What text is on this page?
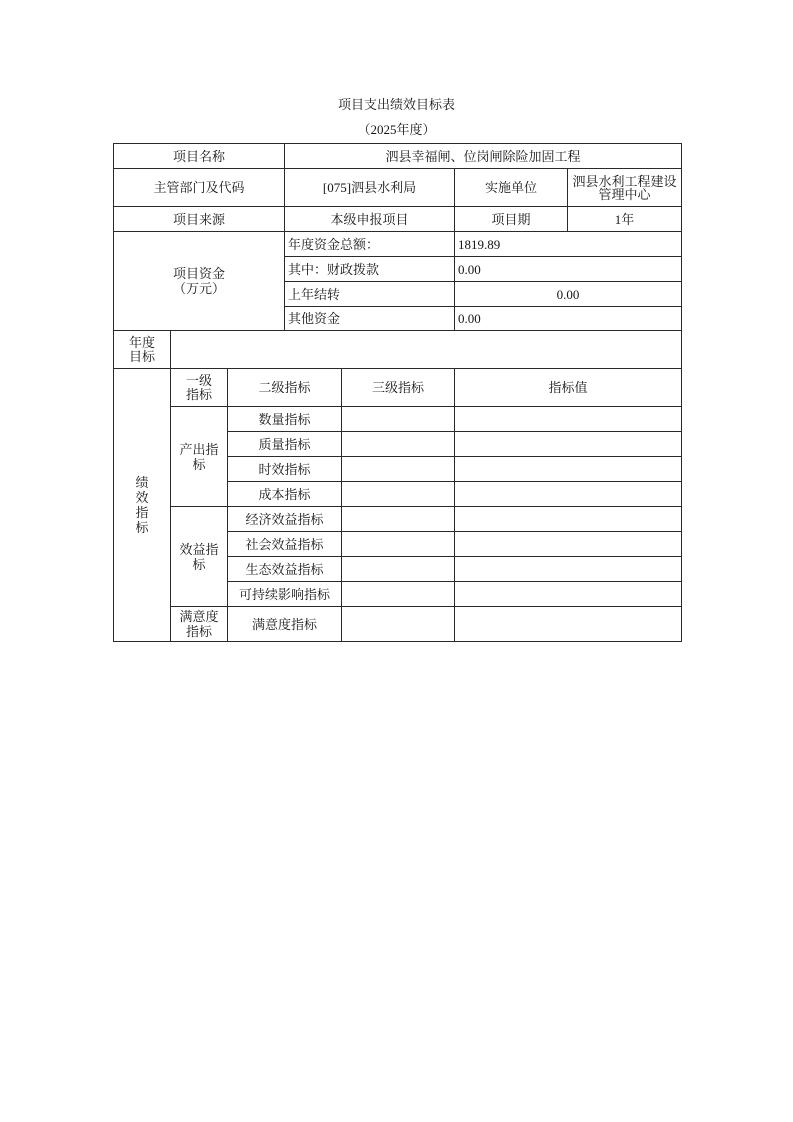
项目支出绩效目标表
（2025年度）
项目名称			泗县幸福闸、位岗闸除险加固工程			
主管部门及代码			[075]泗县水利局		实施单位	泗县水利工程建设管理中心
项目来源			本级申报项目		项目期	1年
项目资金（万元）			年度资金总额：		1819.89	
			其中：财政拨款		0.00	
			上年结转		0.00	
			其他资金		0.00	
年度目标						
绩效指标	一级指标	二级指标		三级指标	指标值	
	产出指标	数量指标				
		质量指标				
		时效指标				
		成本指标				
	效益指标	经济效益指标				
		社会效益指标				
		生态效益指标				
		可持续影响指标				
	满意度指标	满意度指标				
